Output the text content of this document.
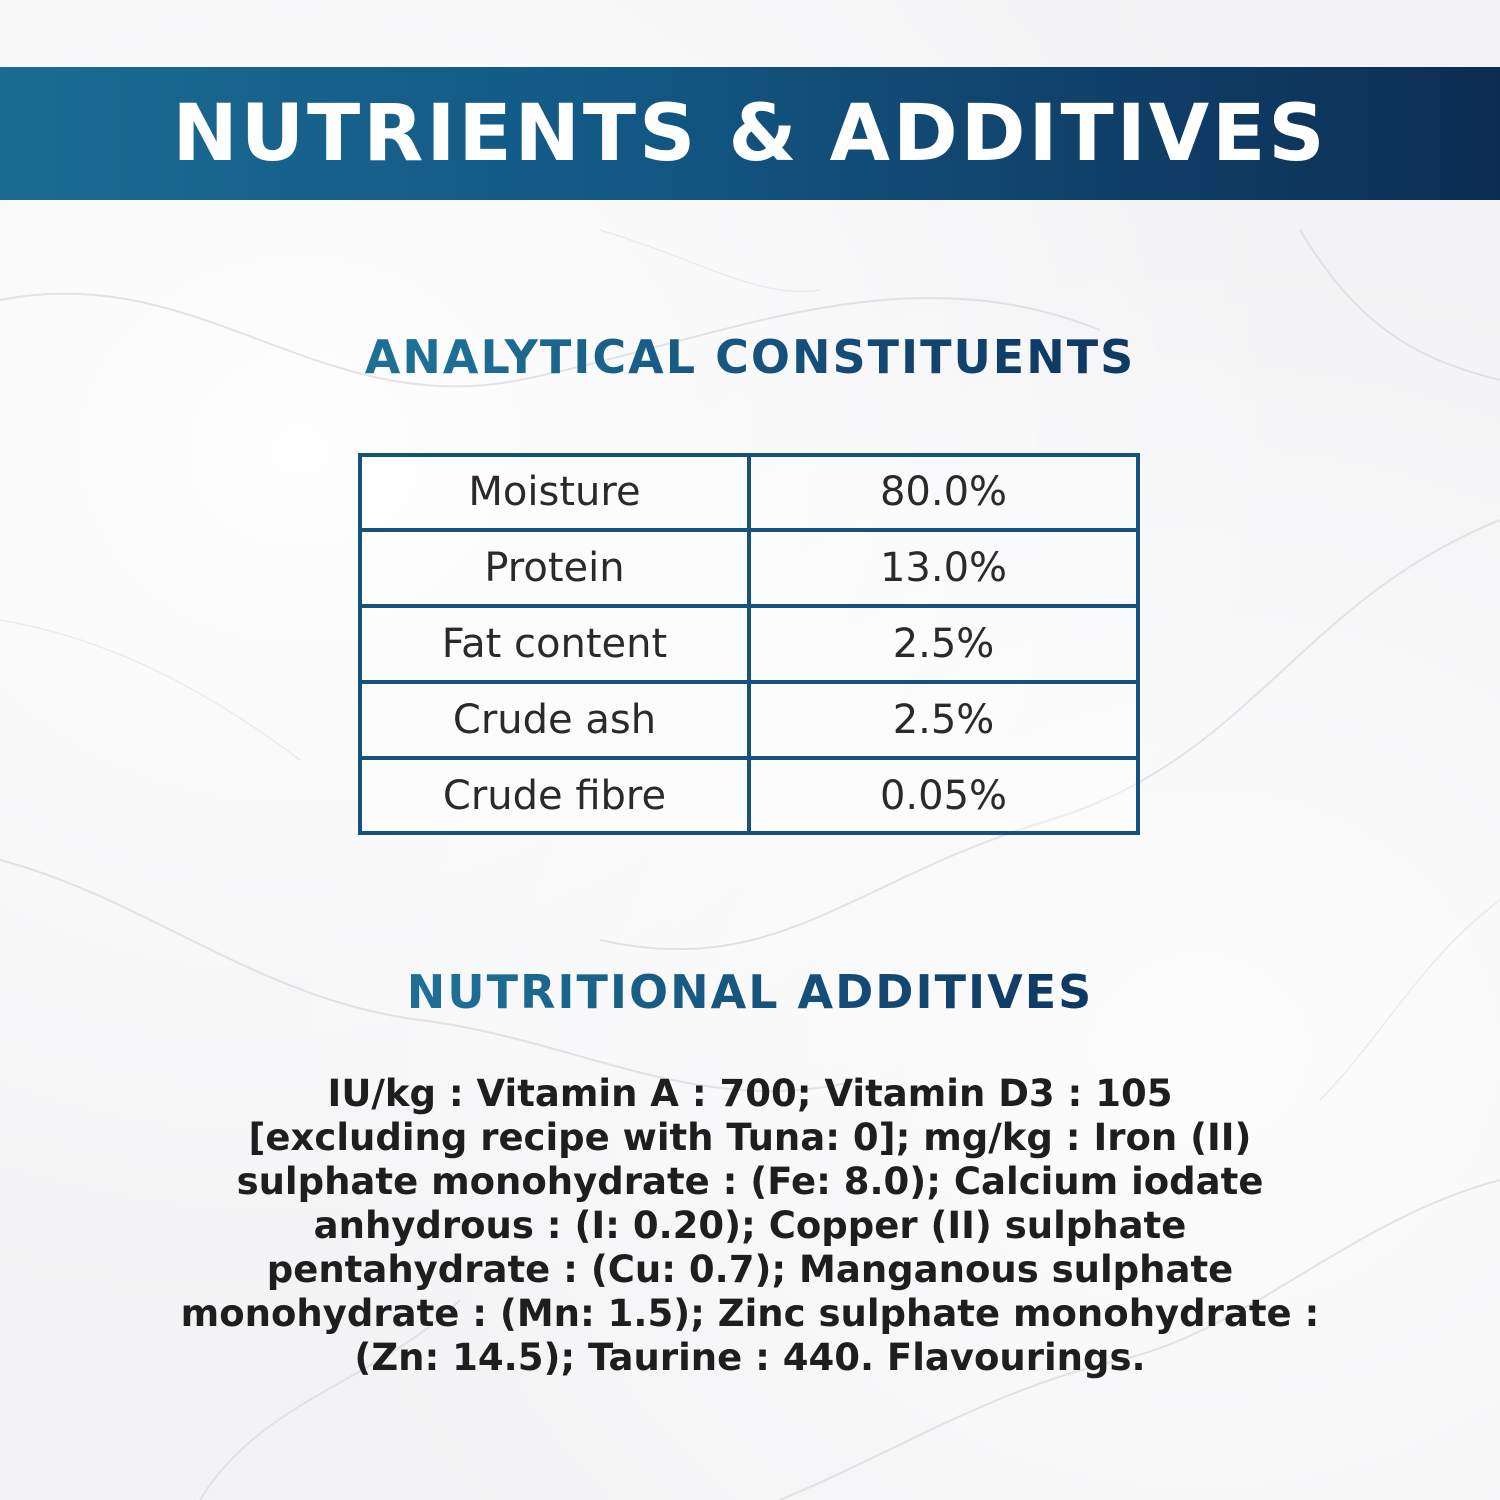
NUTRIENTS & ADDITIVES
ANALYTICAL CONSTITUENTS
Moisture	80.0%
Protein	13.0%
Fat content	2.5%
Crude ash	2.5%
Crude fibre	0.05%
NUTRITIONAL ADDITIVES

IU/kg : Vitamin A : 700; Vitamin D3 : 105
[excluding recipe with Tuna: 0]; mg/kg : Iron (II)
sulphate monohydrate : (Fe: 8.0); Calcium iodate
anhydrous : (I: 0.20); Copper (II) sulphate
pentahydrate : (Cu: 0.7); Manganous sulphate
monohydrate : (Mn: 1.5); Zinc sulphate monohydrate :
(Zn: 14.5); Taurine : 440. Flavourings.
